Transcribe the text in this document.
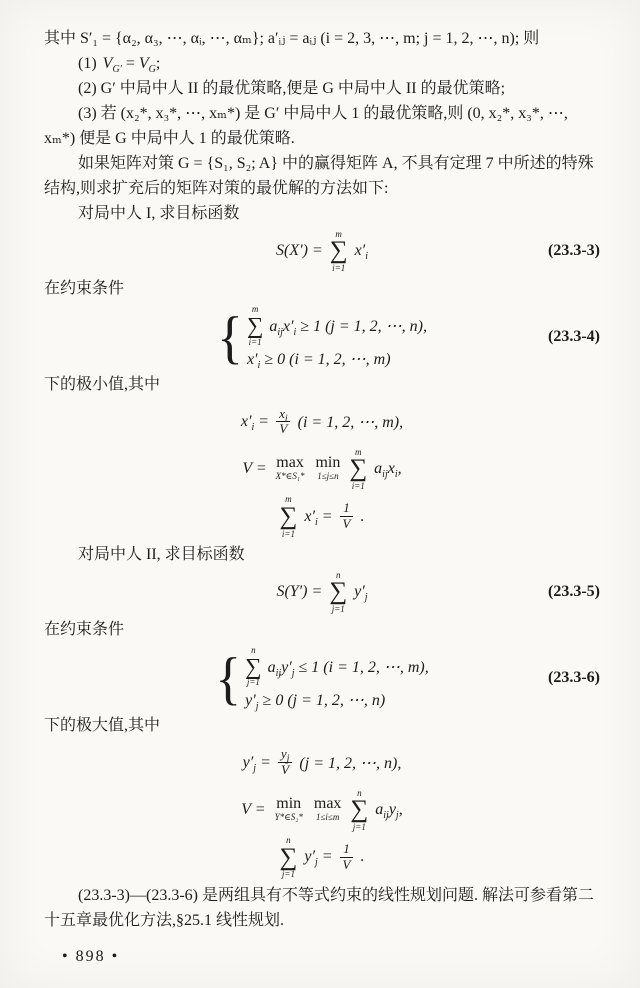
其中 S′₁ = {α₂, α₃, ⋯, αᵢ, ⋯, αₘ}; a′ᵢⱼ = aᵢⱼ (i = 2, 3, ⋯, m; j = 1, 2, ⋯, n); 则

(1) $V_{G'} = V_G$;

(2) G′ 中局中人 II 的最优策略,便是 G 中局中人 II 的最优策略;

(3) 若 (x₂*, x₃*, ⋯, xₘ*) 是 G′ 中局中人 1 的最优策略,则 (0, x₂*, x₃*, ⋯, xₘ*) 便是 G 中局中人 1 的最优策略.

如果矩阵对策 G = {S₁, S₂; A} 中的赢得矩阵 A, 不具有定理 7 中所述的特殊结构,则求扩充后的矩阵对策的最优解的方法如下:

对局中人 I, 求目标函数

S(X′) =
m
∑
i=1
$x'_i$	(23.3-3)

在约束条件

{ m
∑
i=1
$a_{ij}x'_i \ge 1$ (j = 1, 2, ⋯, n),
$x'_i \ge 0$ (i = 1, 2, ⋯, m)
(23.3-4)

下的极小值,其中

$x'_i = \frac{x_i}{V} (i = 1$, 2, ⋯, m),
V = max
X*∈S₁*
min
1≤j≤n
m
∑
i=1
$a_{ij}x_i$,
m
∑
i=1
$x'_i = \frac{1}{V}$ .

对局中人 II, 求目标函数

S(Y′) =
n
∑
j=1
$y'_j$	(23.3-5)

在约束条件

{ n
∑
j=1
$a_{ij}y'_j \le 1$ (i = 1, 2, ⋯, m),
$y'_j \ge 0$ (j = 1, 2, ⋯, n)
(23.3-6)

下的极大值,其中

$y'_j = \frac{y_j}{V} (j = 1$, 2, ⋯, n),
V = min
Y*∈S₂*
max
1≤i≤m
n
∑
j=1
$a_{ij}y_j$,
n
∑
j=1
$y'_j = \frac{1}{V}$ .

(23.3-3)—(23.3-6) 是两组具有不等式约束的线性规划问题. 解法可参看第二十五章最优化方法,§25.1 线性规划.

• 898 •
